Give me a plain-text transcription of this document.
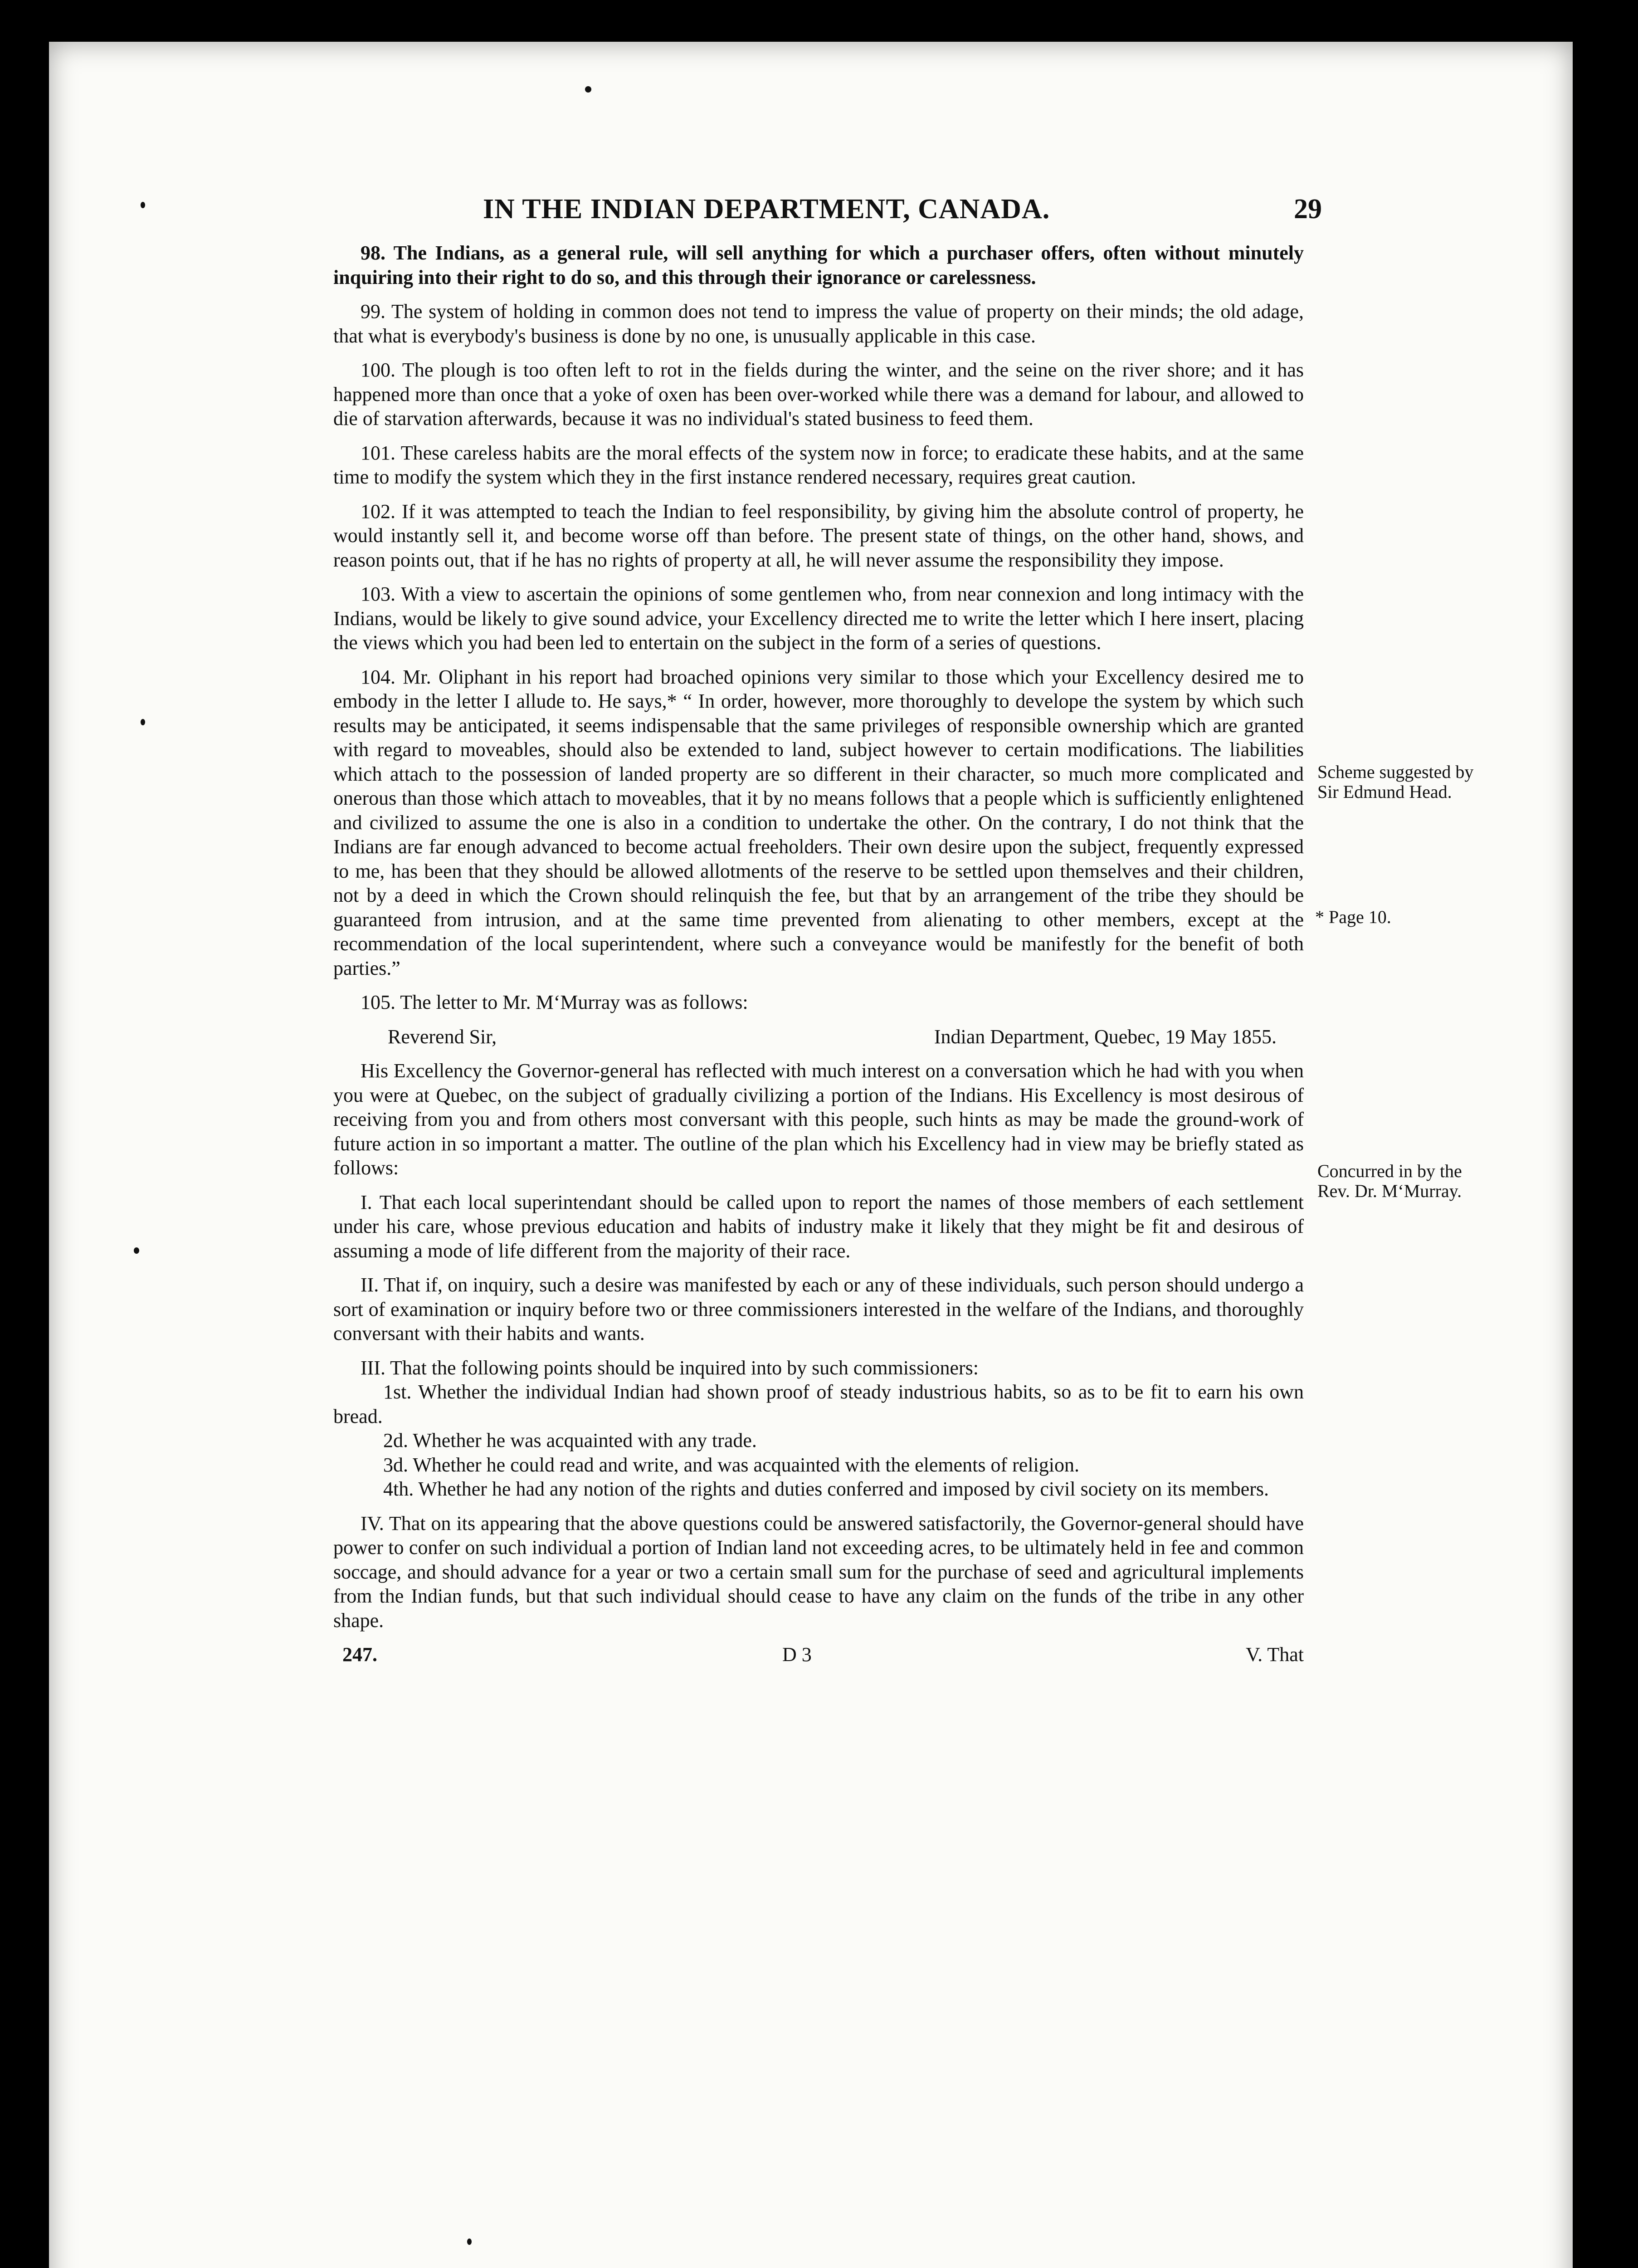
IN THE INDIAN DEPARTMENT, CANADA.	29

98. The Indians, as a general rule, will sell anything for which a purchaser offers, often without minutely inquiring into their right to do so, and this through their ignorance or carelessness.

99. The system of holding in common does not tend to impress the value of property on their minds; the old adage, that what is everybody's business is done by no one, is unusually applicable in this case.

100. The plough is too often left to rot in the fields during the winter, and the seine on the river shore; and it has happened more than once that a yoke of oxen has been over-worked while there was a demand for labour, and allowed to die of starvation afterwards, because it was no individual's stated business to feed them.

101. These careless habits are the moral effects of the system now in force; to eradicate these habits, and at the same time to modify the system which they in the first instance rendered necessary, requires great caution.

102. If it was attempted to teach the Indian to feel responsibility, by giving him the absolute control of property, he would instantly sell it, and become worse off than before. The present state of things, on the other hand, shows, and reason points out, that if he has no rights of property at all, he will never assume the responsibility they impose.

103. With a view to ascertain the opinions of some gentlemen who, from near connexion and long intimacy with the Indians, would be likely to give sound advice, your Excellency directed me to write the letter which I here insert, placing the views which you had been led to entertain on the subject in the form of a series of questions.

104. Mr. Oliphant in his report had broached opinions very similar to those which your Excellency desired me to embody in the letter I allude to. He says,* “ In order, however, more thoroughly to develope the system by which such results may be anticipated, it seems indispensable that the same privileges of responsible ownership which are granted with regard to moveables, should also be extended to land, subject however to certain modifications. The liabilities which attach to the possession of landed property are so different in their character, so much more complicated and onerous than those which attach to moveables, that it by no means follows that a people which is sufficiently enlightened and civilized to assume the one is also in a condition to undertake the other. On the contrary, I do not think that the Indians are far enough advanced to become actual freeholders. Their own desire upon the subject, frequently expressed to me, has been that they should be allowed allotments of the reserve to be settled upon themselves and their children, not by a deed in which the Crown should relinquish the fee, but that by an arrangement of the tribe they should be guaranteed from intrusion, and at the same time prevented from alienating to other members, except at the recommendation of the local superintendent, where such a conveyance would be manifestly for the benefit of both parties.”

105. The letter to Mr. M‘Murray was as follows:

Reverend Sir,	Indian Department, Quebec, 19 May 1855.

His Excellency the Governor-general has reflected with much interest on a conversation which he had with you when you were at Quebec, on the subject of gradually civilizing a portion of the Indians. His Excellency is most desirous of receiving from you and from others most conversant with this people, such hints as may be made the ground-work of future action in so important a matter. The outline of the plan which his Excellency had in view may be briefly stated as follows:

I. That each local superintendant should be called upon to report the names of those members of each settlement under his care, whose previous education and habits of industry make it likely that they might be fit and desirous of assuming a mode of life different from the majority of their race.

II. That if, on inquiry, such a desire was manifested by each or any of these individuals, such person should undergo a sort of examination or inquiry before two or three commissioners interested in the welfare of the Indians, and thoroughly conversant with their habits and wants.

III. That the following points should be inquired into by such commissioners:

1st. Whether the individual Indian had shown proof of steady industrious habits, so as to be fit to earn his own bread.

2d. Whether he was acquainted with any trade.

3d. Whether he could read and write, and was acquainted with the elements of religion.

4th. Whether he had any notion of the rights and duties conferred and imposed by civil society on its members.

IV. That on its appearing that the above questions could be answered satisfactorily, the Governor-general should have power to confer on such individual a portion of Indian land not exceeding acres, to be ultimately held in fee and common soccage, and should advance for a year or two a certain small sum for the purchase of seed and agricultural implements from the Indian funds, but that such individual should cease to have any claim on the funds of the tribe in any other shape.

247.	D 3	V. That
Scheme suggested by Sir Edmund Head.
* Page 10.
Concurred in by the Rev. Dr. M‘Murray.
